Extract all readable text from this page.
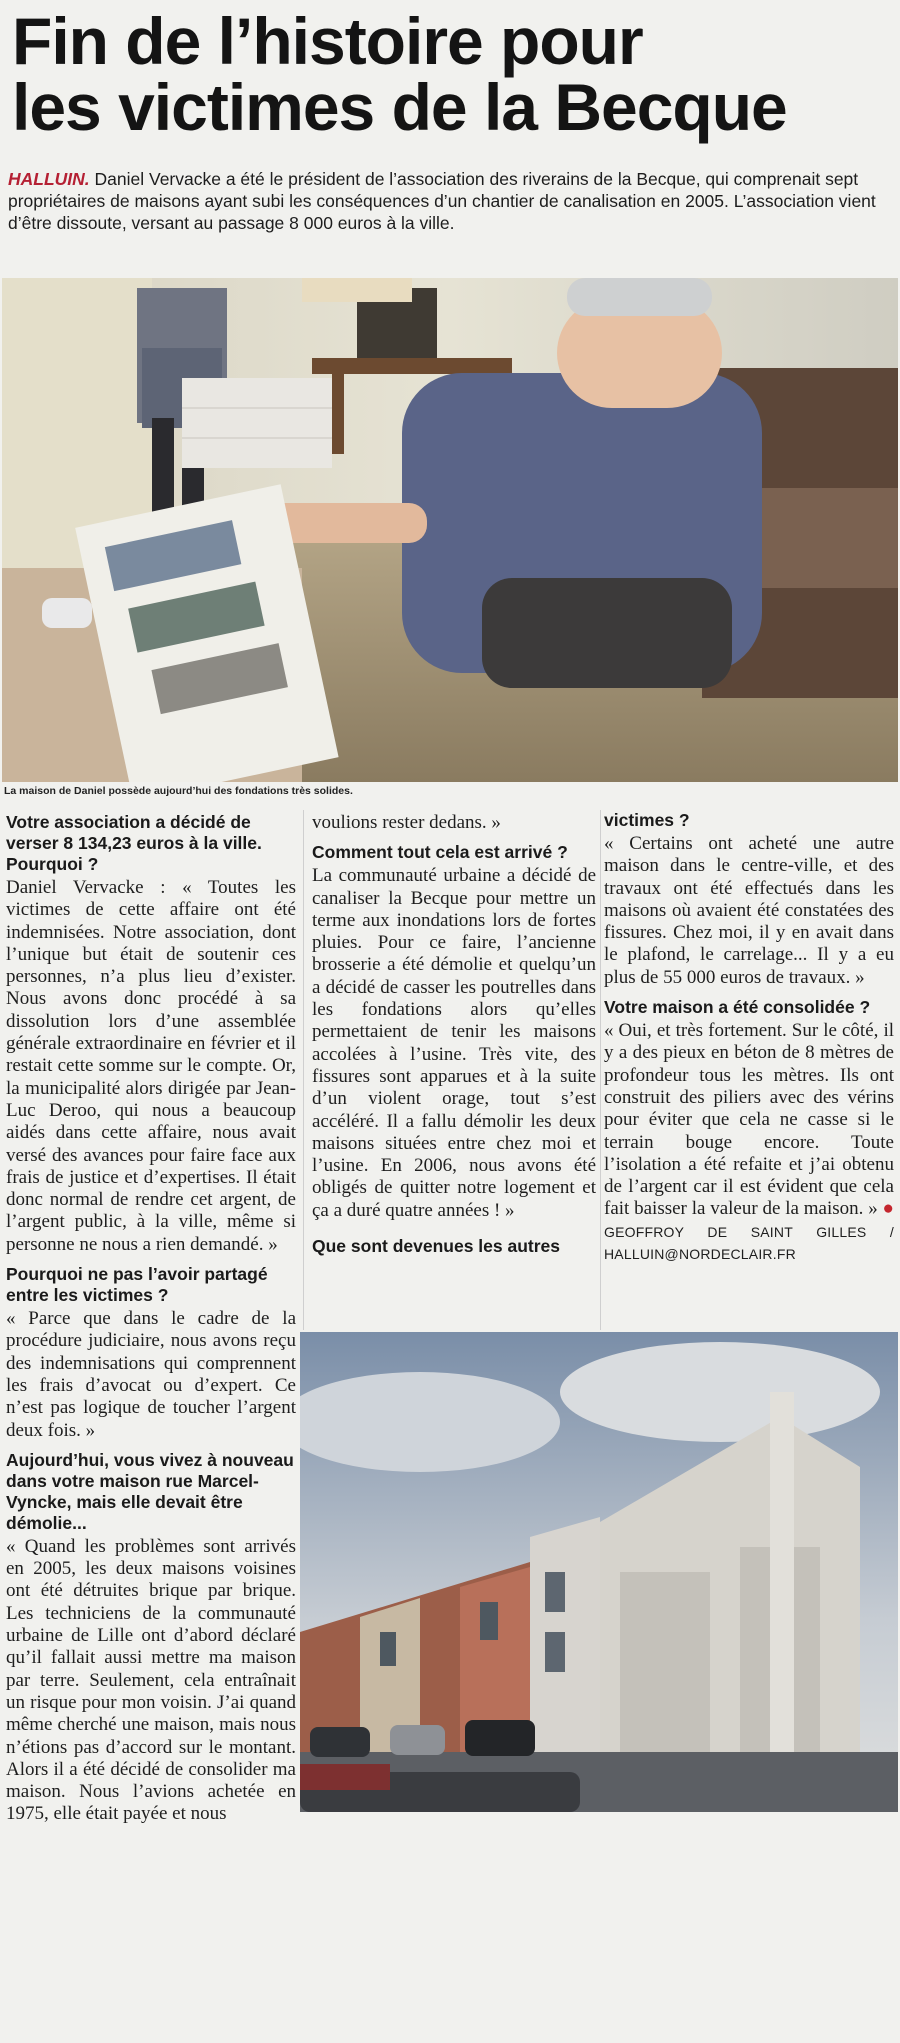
Fin de l’histoire pour
les victimes de la Becque
HALLUIN. Daniel Vervacke a été le président de l’association des riverains de la Becque, qui comprenait sept propriétaires de maisons ayant subi les conséquences d’un chantier de canalisation en 2005. L’association vient d’être dissoute, versant au passage 8 000 euros à la ville.
La maison de Daniel possède aujourd’hui des fondations très solides.
Votre association a décidé de verser 8 134,23 euros à la ville. Pourquoi ?

Daniel Vervacke : « Toutes les victimes de cette affaire ont été indemnisées. Notre association, dont l’unique but était de soutenir ces personnes, n’a plus lieu d’exister. Nous avons donc procédé à sa dissolution lors d’une assemblée générale extraordinaire en février et il restait cette somme sur le compte. Or, la municipalité alors dirigée par Jean-Luc Deroo, qui nous a beaucoup aidés dans cette affaire, nous avait versé des avances pour faire face aux frais de justice et d’expertises. Il était donc normal de rendre cet argent, de l’argent public, à la ville, même si personne ne nous a rien demandé. »

Pourquoi ne pas l’avoir partagé entre les victimes ?

« Parce que dans le cadre de la procédure judiciaire, nous avons reçu des indemnisations qui comprennent les frais d’avocat ou d’expert. Ce n’est pas logique de toucher l’argent deux fois. »

Aujourd’hui, vous vivez à nouveau dans votre maison rue Marcel-Vyncke, mais elle devait être démolie...

« Quand les problèmes sont arrivés en 2005, les deux maisons voisines ont été détruites brique par brique. Les techniciens de la communauté urbaine de Lille ont d’abord déclaré qu’il fallait aussi mettre ma maison par terre. Seulement, cela entraînait un risque pour mon voisin. J’ai quand même cherché une maison, mais nous n’étions pas d’accord sur le montant. Alors il a été décidé de consolider ma maison. Nous l’avions achetée en 1975, elle était payée et nous

voulions rester dedans. »

Comment tout cela est arrivé ?

La communauté urbaine a décidé de canaliser la Becque pour mettre un terme aux inondations lors de fortes pluies. Pour ce faire, l’ancienne brosserie a été démolie et quelqu’un a décidé de casser les poutrelles dans les fondations alors qu’elles permettaient de tenir les maisons accolées à l’usine. Très vite, des fissures sont apparues et à la suite d’un violent orage, tout s’est accéléré. Il a fallu démolir les deux maisons situées entre chez moi et l’usine. En 2006, nous avons été obligés de quitter notre logement et ça a duré quatre années ! »

Que sont devenues les autres
victimes ?

« Certains ont acheté une autre maison dans le centre-ville, et des travaux ont été effectués dans les maisons où avaient été constatées des fissures. Chez moi, il y en avait dans le plafond, le carrelage... Il y a eu plus de 55 000 euros de travaux. »

Votre maison a été consolidée ?

« Oui, et très fortement. Sur le côté, il y a des pieux en béton de 8 mètres de profondeur tous les mètres. Ils ont construit des piliers avec des vérins pour éviter que cela ne casse si le terrain bouge encore. Toute l’isolation a été refaite et j’ai obtenu de l’argent car il est évident que cela fait baisser la valeur de la maison. » ● GEOFFROY DE SAINT GILLES / HALLUIN@NORDECLAIR.FR
